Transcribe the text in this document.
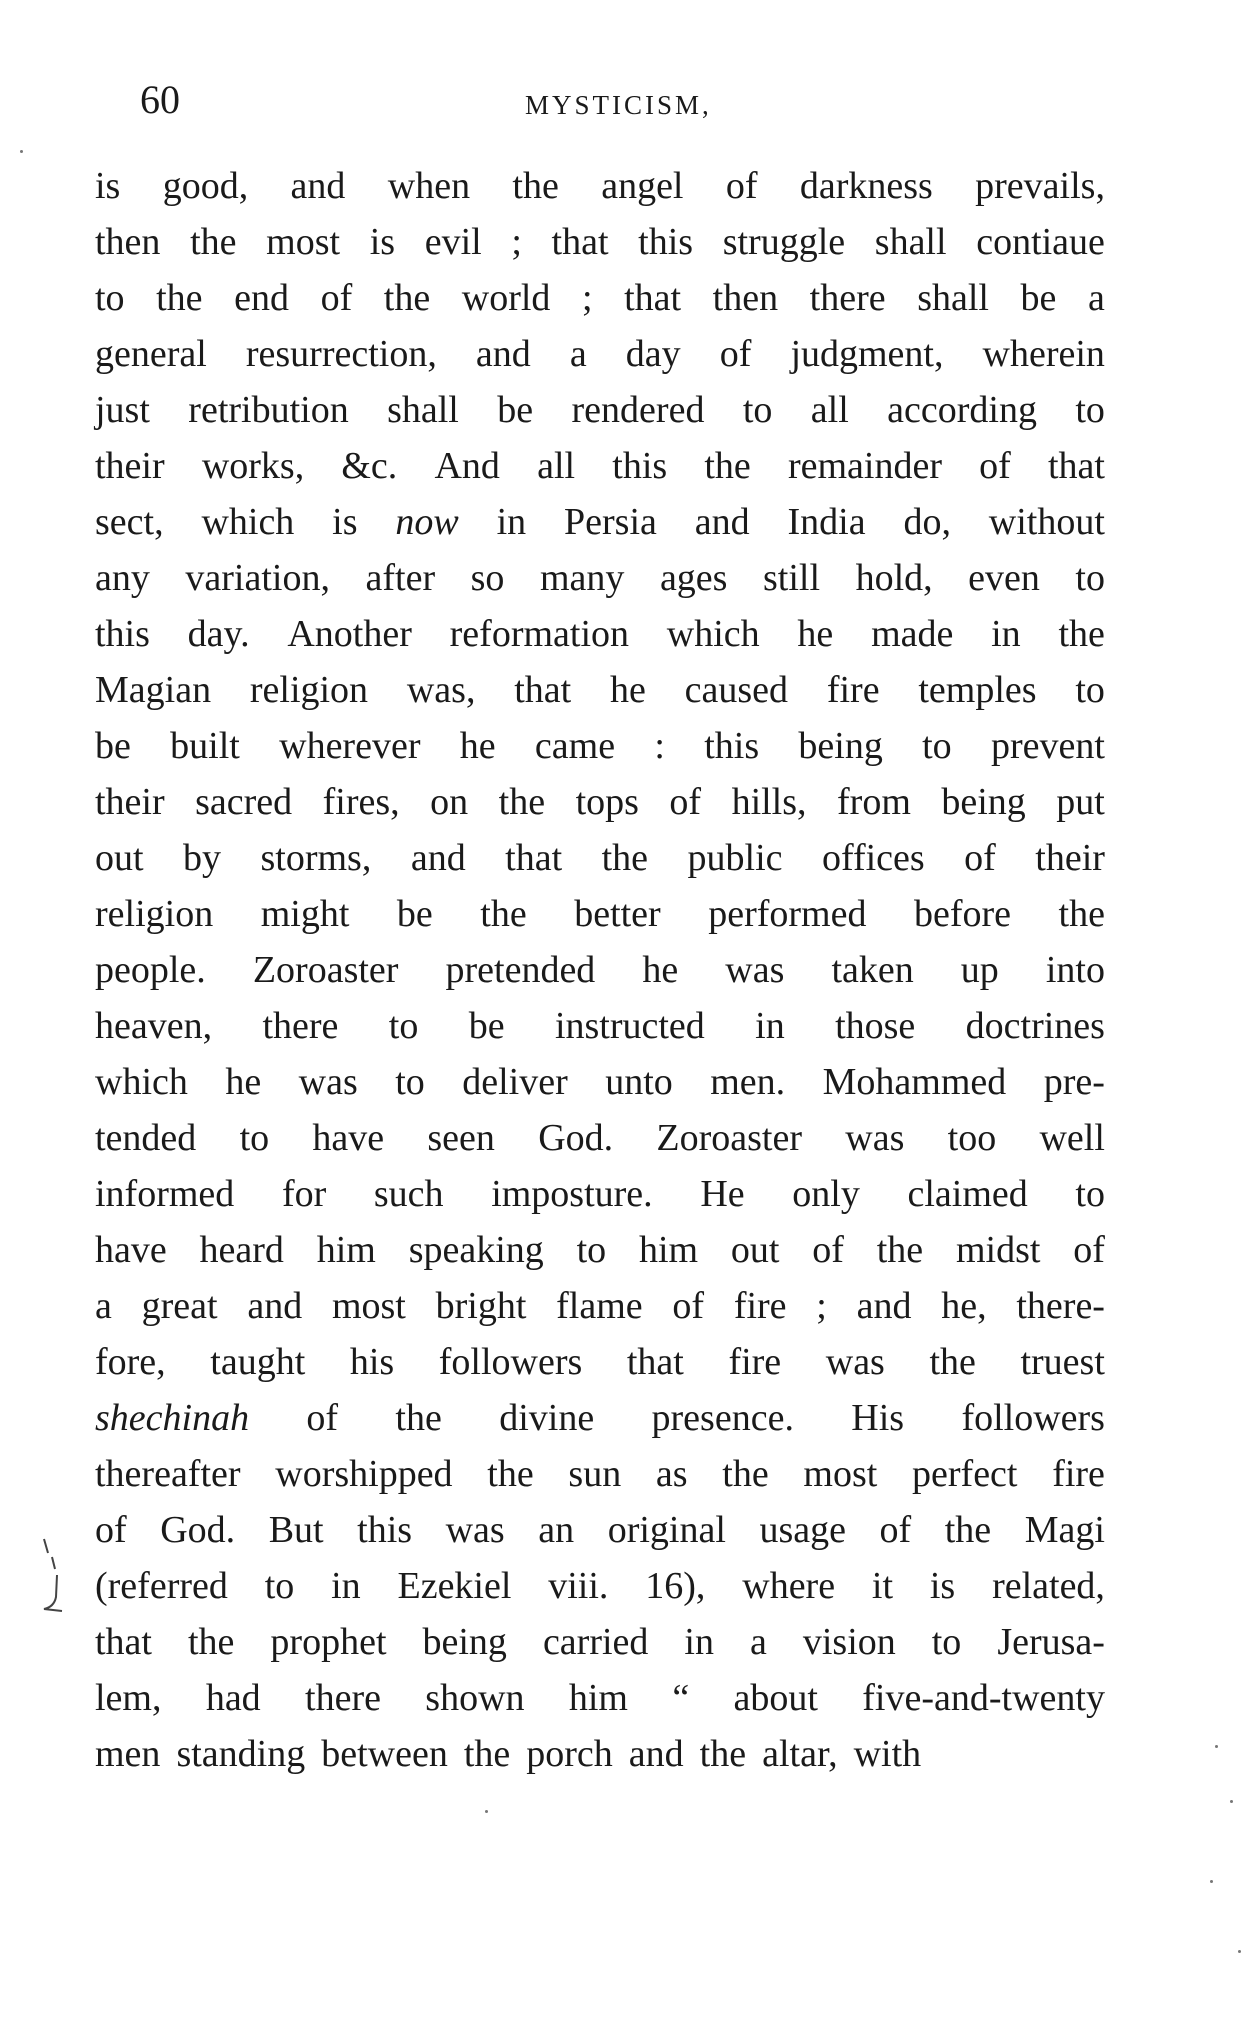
60	MYSTICISM,
is good, and when the angel of darkness prevails,
then the most is evil ; that this struggle shall contiaue
to the end of the world ; that then there shall be a
general resurrection, and a day of judgment, wherein
just retribution shall be rendered to all according to
their works, &c. And all this the remainder of that
sect, which is now in Persia and India do, without
any variation, after so many ages still hold, even to
this day. Another reformation which he made in the
Magian religion was, that he caused fire temples to
be built wherever he came : this being to prevent
their sacred fires, on the tops of hills, from being put
out by storms, and that the public offices of their
religion might be the better performed before the
people. Zoroaster pretended he was taken up into
heaven, there to be instructed in those doctrines
which he was to deliver unto men. Mohammed pre-
tended to have seen God. Zoroaster was too well
informed for such imposture. He only claimed to
have heard him speaking to him out of the midst of
a great and most bright flame of fire ; and he, there-
fore, taught his followers that fire was the truest
shechinah of the divine presence. His followers
thereafter worshipped the sun as the most perfect fire
of God. But this was an original usage of the Magi
(referred to in Ezekiel viii. 16), where it is related,
that the prophet being carried in a vision to Jerusa-
lem, had there shown him “ about five-and-twenty
men standing between the porch and the altar, with
